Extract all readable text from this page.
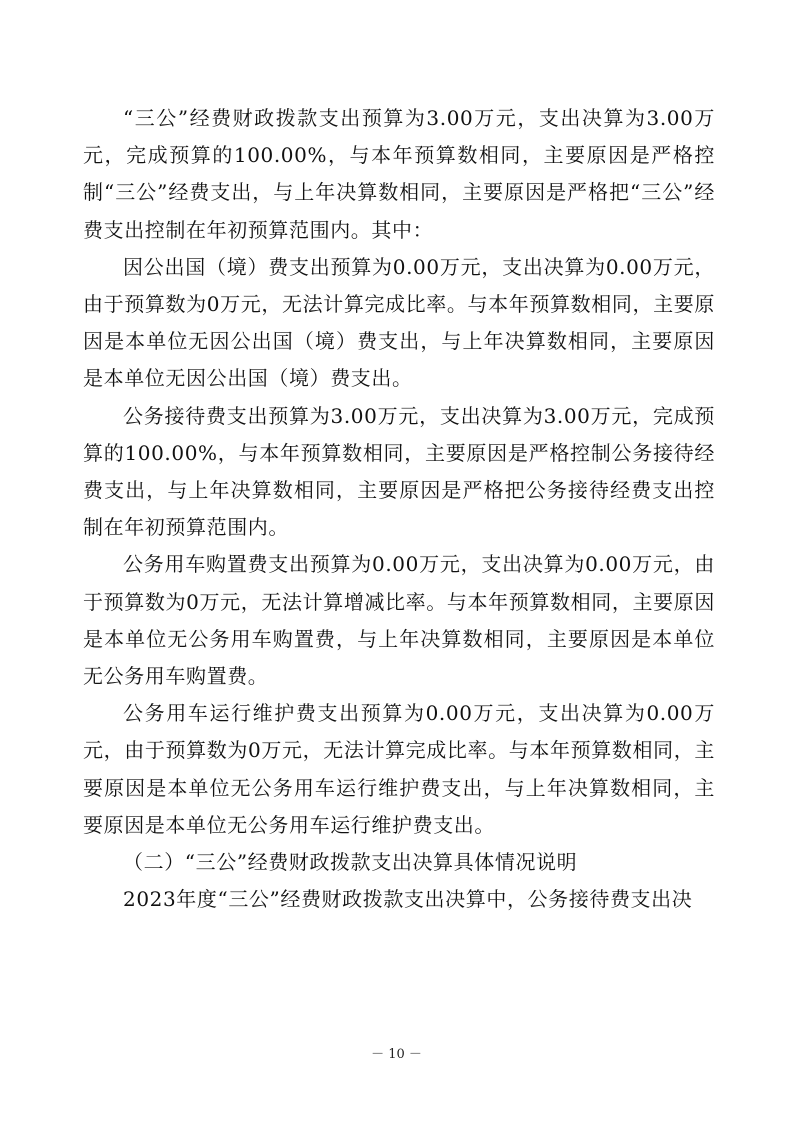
“三公”经费财政拨款支出预算为3.00万元，支出决算为3.00万元，完成预算的100.00%，与本年预算数相同，主要原因是严格控制“三公”经费支出，与上年决算数相同，主要原因是严格把“三公”经费支出控制在年初预算范围内。其中：

因公出国（境）费支出预算为0.00万元，支出决算为0.00万元，由于预算数为0万元，无法计算完成比率。与本年预算数相同，主要原因是本单位无因公出国（境）费支出，与上年决算数相同，主要原因是本单位无因公出国（境）费支出。

公务接待费支出预算为3.00万元，支出决算为3.00万元，完成预算的100.00%，与本年预算数相同，主要原因是严格控制公务接待经费支出，与上年决算数相同，主要原因是严格把公务接待经费支出控制在年初预算范围内。

公务用车购置费支出预算为0.00万元，支出决算为0.00万元，由于预算数为0万元，无法计算增减比率。与本年预算数相同，主要原因是本单位无公务用车购置费，与上年决算数相同，主要原因是本单位无公务用车购置费。

公务用车运行维护费支出预算为0.00万元，支出决算为0.00万元，由于预算数为0万元，无法计算完成比率。与本年预算数相同，主要原因是本单位无公务用车运行维护费支出，与上年决算数相同，主要原因是本单位无公务用车运行维护费支出。

（二）“三公”经费财政拨款支出决算具体情况说明

2023年度“三公”经费财政拨款支出决算中，公务接待费支出决

－ 10 －
